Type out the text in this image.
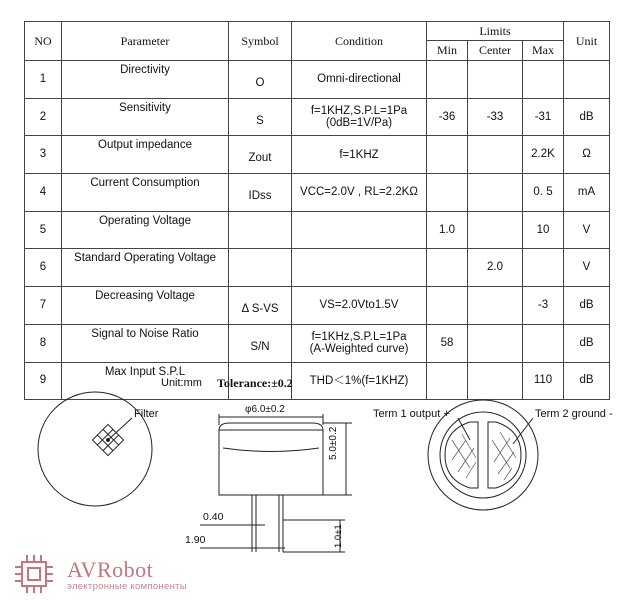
NO	Parameter	Symbol	Condition	Limits			Unit
				Min	Center	Max	
1	Directivity	O	Omni-directional				

2	Sensitivity	S	f=1KHZ,S.P.L=1Pa
(0dB=1V/Pa)	-36	-33	-31	dB
3	Output impedance	Zout	f=1KHZ			2.2K	Ω
4	Current Consumption	IDss	VCC=2.0V , RL=2.2KΩ			0. 5	mA
5	Operating Voltage			1.0		10	V
6	Standard Operating Voltage				2.0		V
7	Decreasing Voltage	Δ S-VS	VS=2.0Vto1.5V			-3	dB
8	Signal to Noise Ratio	S/N	f=1KHz,S.P.L=1Pa
(A-Weighted curve)	58			dB
9	Max Input S.P.L		THD＜1%(f=1KHZ)			110	dB
Unit:mm Tolerance:±0.2
Filter	φ6.0±0.2
5.0±0.2
0.40
1.90	1.0±1
Term 1 output +	Term 2 ground -
AVRobot
электронные компоненты
